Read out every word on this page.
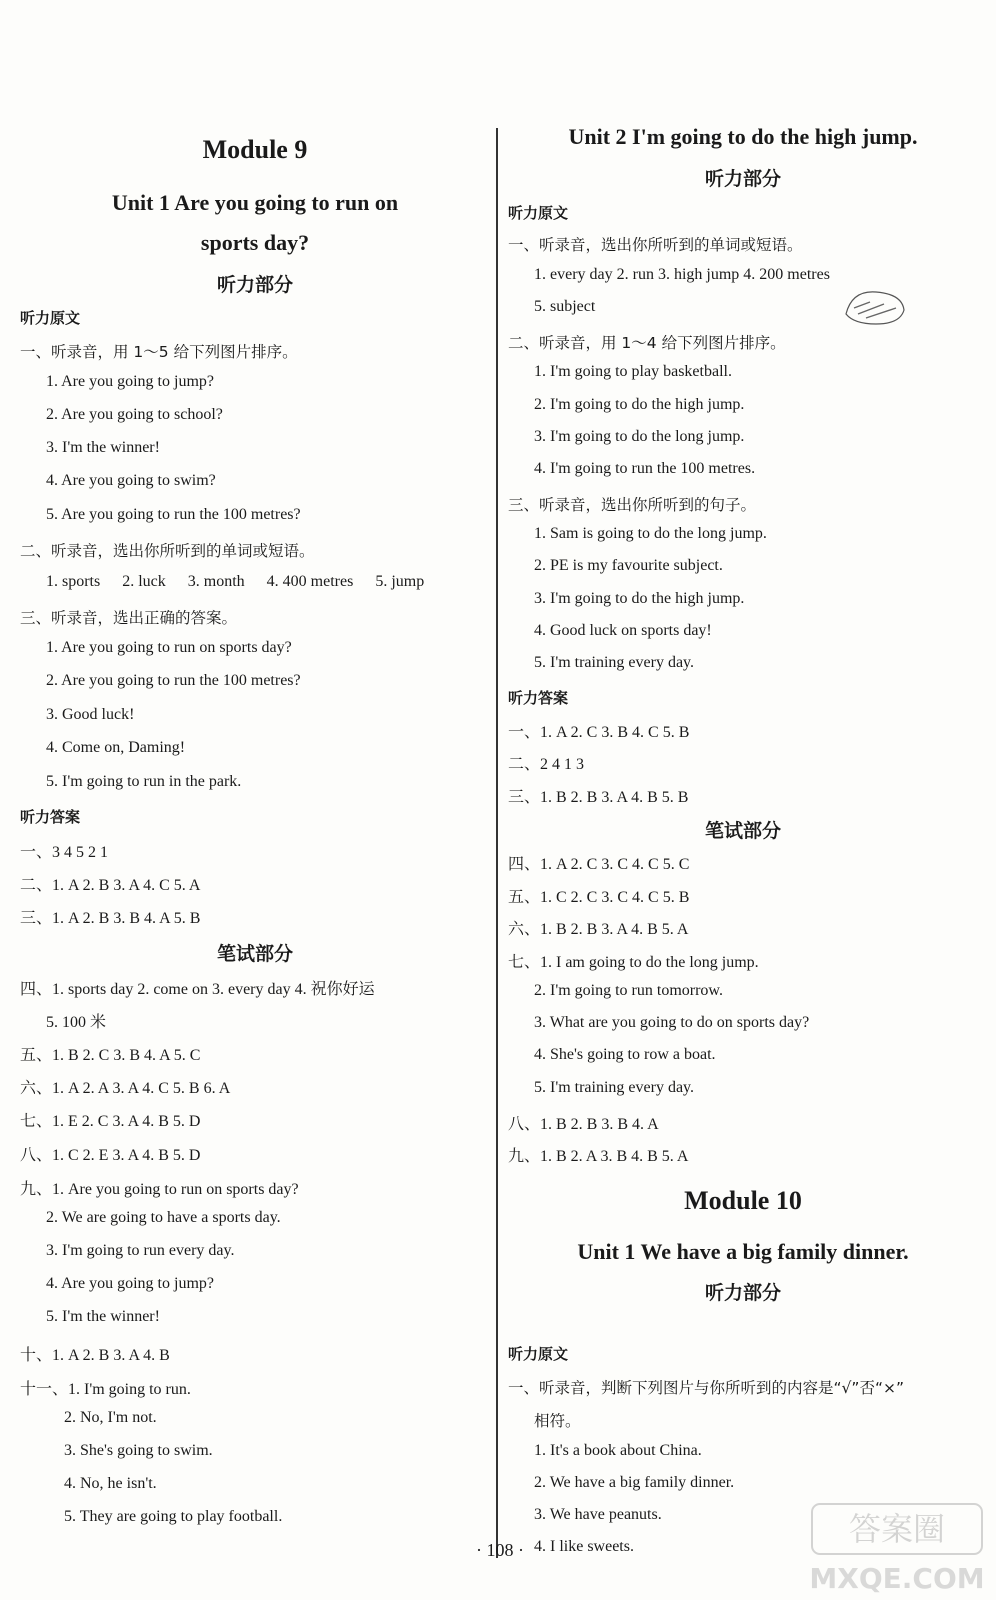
Module 9
Unit 1 Are you going to run on
sports day?
听力部分
听力原文
一、听录音，用 1～5 给下列图片排序。
1. Are you going to jump?
2. Are you going to school?
3. I'm the winner!
4. Are you going to swim?
5. Are you going to run the 100 metres?
二、听录音，选出你所听到的单词或短语。
1. sports 2. luck 3. month 4. 400 metres 5. jump
三、听录音，选出正确的答案。
1. Are you going to run on sports day?
2. Are you going to run the 100 metres?
3. Good luck!
4. Come on, Daming!
5. I'm going to run in the park.
听力答案
一、3 4 5 2 1
二、1. A 2. B 3. A 4. C 5. A
三、1. A 2. B 3. B 4. A 5. B
笔试部分
四、1. sports day 2. come on 3. every day 4. 祝你好运
5. 100 米
五、1. B 2. C 3. B 4. A 5. C
六、1. A 2. A 3. A 4. C 5. B 6. A
七、1. E 2. C 3. A 4. B 5. D
八、1. C 2. E 3. A 4. B 5. D
九、1. Are you going to run on sports day?
2. We are going to have a sports day.
3. I'm going to run every day.
4. Are you going to jump?
5. I'm the winner!
十、1. A 2. B 3. A 4. B
十一、1. I'm going to run.
2. No, I'm not.
3. She's going to swim.
4. No, he isn't.
5. They are going to play football.
Unit 2 I'm going to do the high jump.
听力部分
听力原文
一、听录音，选出你所听到的单词或短语。
1. every day 2. run 3. high jump 4. 200 metres
5. subject
二、听录音，用 1～4 给下列图片排序。
1. I'm going to play basketball.
2. I'm going to do the high jump.
3. I'm going to do the long jump.
4. I'm going to run the 100 metres.
三、听录音，选出你所听到的句子。
1. Sam is going to do the long jump.
2. PE is my favourite subject.
3. I'm going to do the high jump.
4. Good luck on sports day!
5. I'm training every day.
听力答案
一、1. A 2. C 3. B 4. C 5. B
二、2 4 1 3
三、1. B 2. B 3. A 4. B 5. B
笔试部分
四、1. A 2. C 3. C 4. C 5. C
五、1. C 2. C 3. C 4. C 5. B
六、1. B 2. B 3. A 4. B 5. A
七、1. I am going to do the long jump.
2. I'm going to run tomorrow.
3. What are you going to do on sports day?
4. She's going to row a boat.
5. I'm training every day.
八、1. B 2. B 3. B 4. A
九、1. B 2. A 3. B 4. B 5. A
Module 10
Unit 1 We have a big family dinner.
听力部分
听力原文
一、听录音，判断下列图片与你所听到的内容是“√”否“×”
相符。
1. It's a book about China.
2. We have a big family dinner.
3. We have peanuts.
4. I like sweets.	答案圈
MXQE.COM
· 108 ·
